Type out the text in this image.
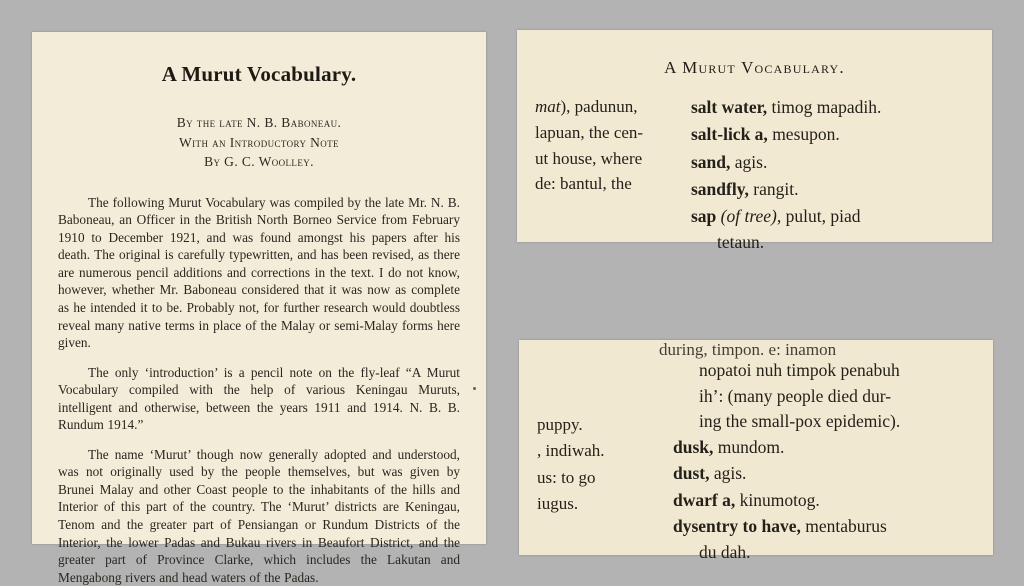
A Murut Vocabulary.
By the late N. B. Baboneau.
With an Introductory Note
By G. C. Woolley.

The following Murut Vocabulary was compiled by the late Mr. N. B. Baboneau, an Officer in the British North Borneo Service from February 1910 to December 1921, and was found amongst his papers after his death. The original is carefully typewritten, and has been revised, as there are numerous pencil additions and corrections in the text. I do not know, however, whether Mr. Baboneau considered that it was now as complete as he intended it to be. Probably not, for further research would doubtless reveal many native terms in place of the Malay or semi-Malay forms here given.

The only ‘introduction’ is a pencil note on the fly-leaf “A Murut Vocabulary compiled with the help of various Keningau Muruts, intelligent and otherwise, between the years 1911 and 1914. N. B. B. Rundum 1914.”

The name ‘Murut’ though now generally adopted and understood, was not originally used by the people themselves, but was given by Brunei Malay and other Coast people to the inhabitants of the hills and Interior of this part of the country. The ‘Murut’ districts are Keningau, Tenom and the greater part of Pensiangan or Rundum Districts of the Interior, the lower Padas and Bukau rivers in Beaufort District, and the greater part of Province Clarke, which includes the Lakutan and Mengabong rivers and head waters of the Padas.

A Murut Vocabulary.
mat), padunun,
lapuan, the cen-
ut house, where
de: bantul, the
salt water, timog mapadih.
salt-lick a, mesupon.
sand, agis.
sandfly, rangit.
sap (of tree), pulut, piad
tetaun.

during, timpon. e: inamon
puppy.
, indiwah.
us: to go
iugus.
nopatoi nuh timpok penabuh
ih’: (many people died dur-
ing the small-pox epidemic).
dusk, mundom.
dust, agis.
dwarf a, kinumotog.
dysentry to have, mentaburus
du dah.
